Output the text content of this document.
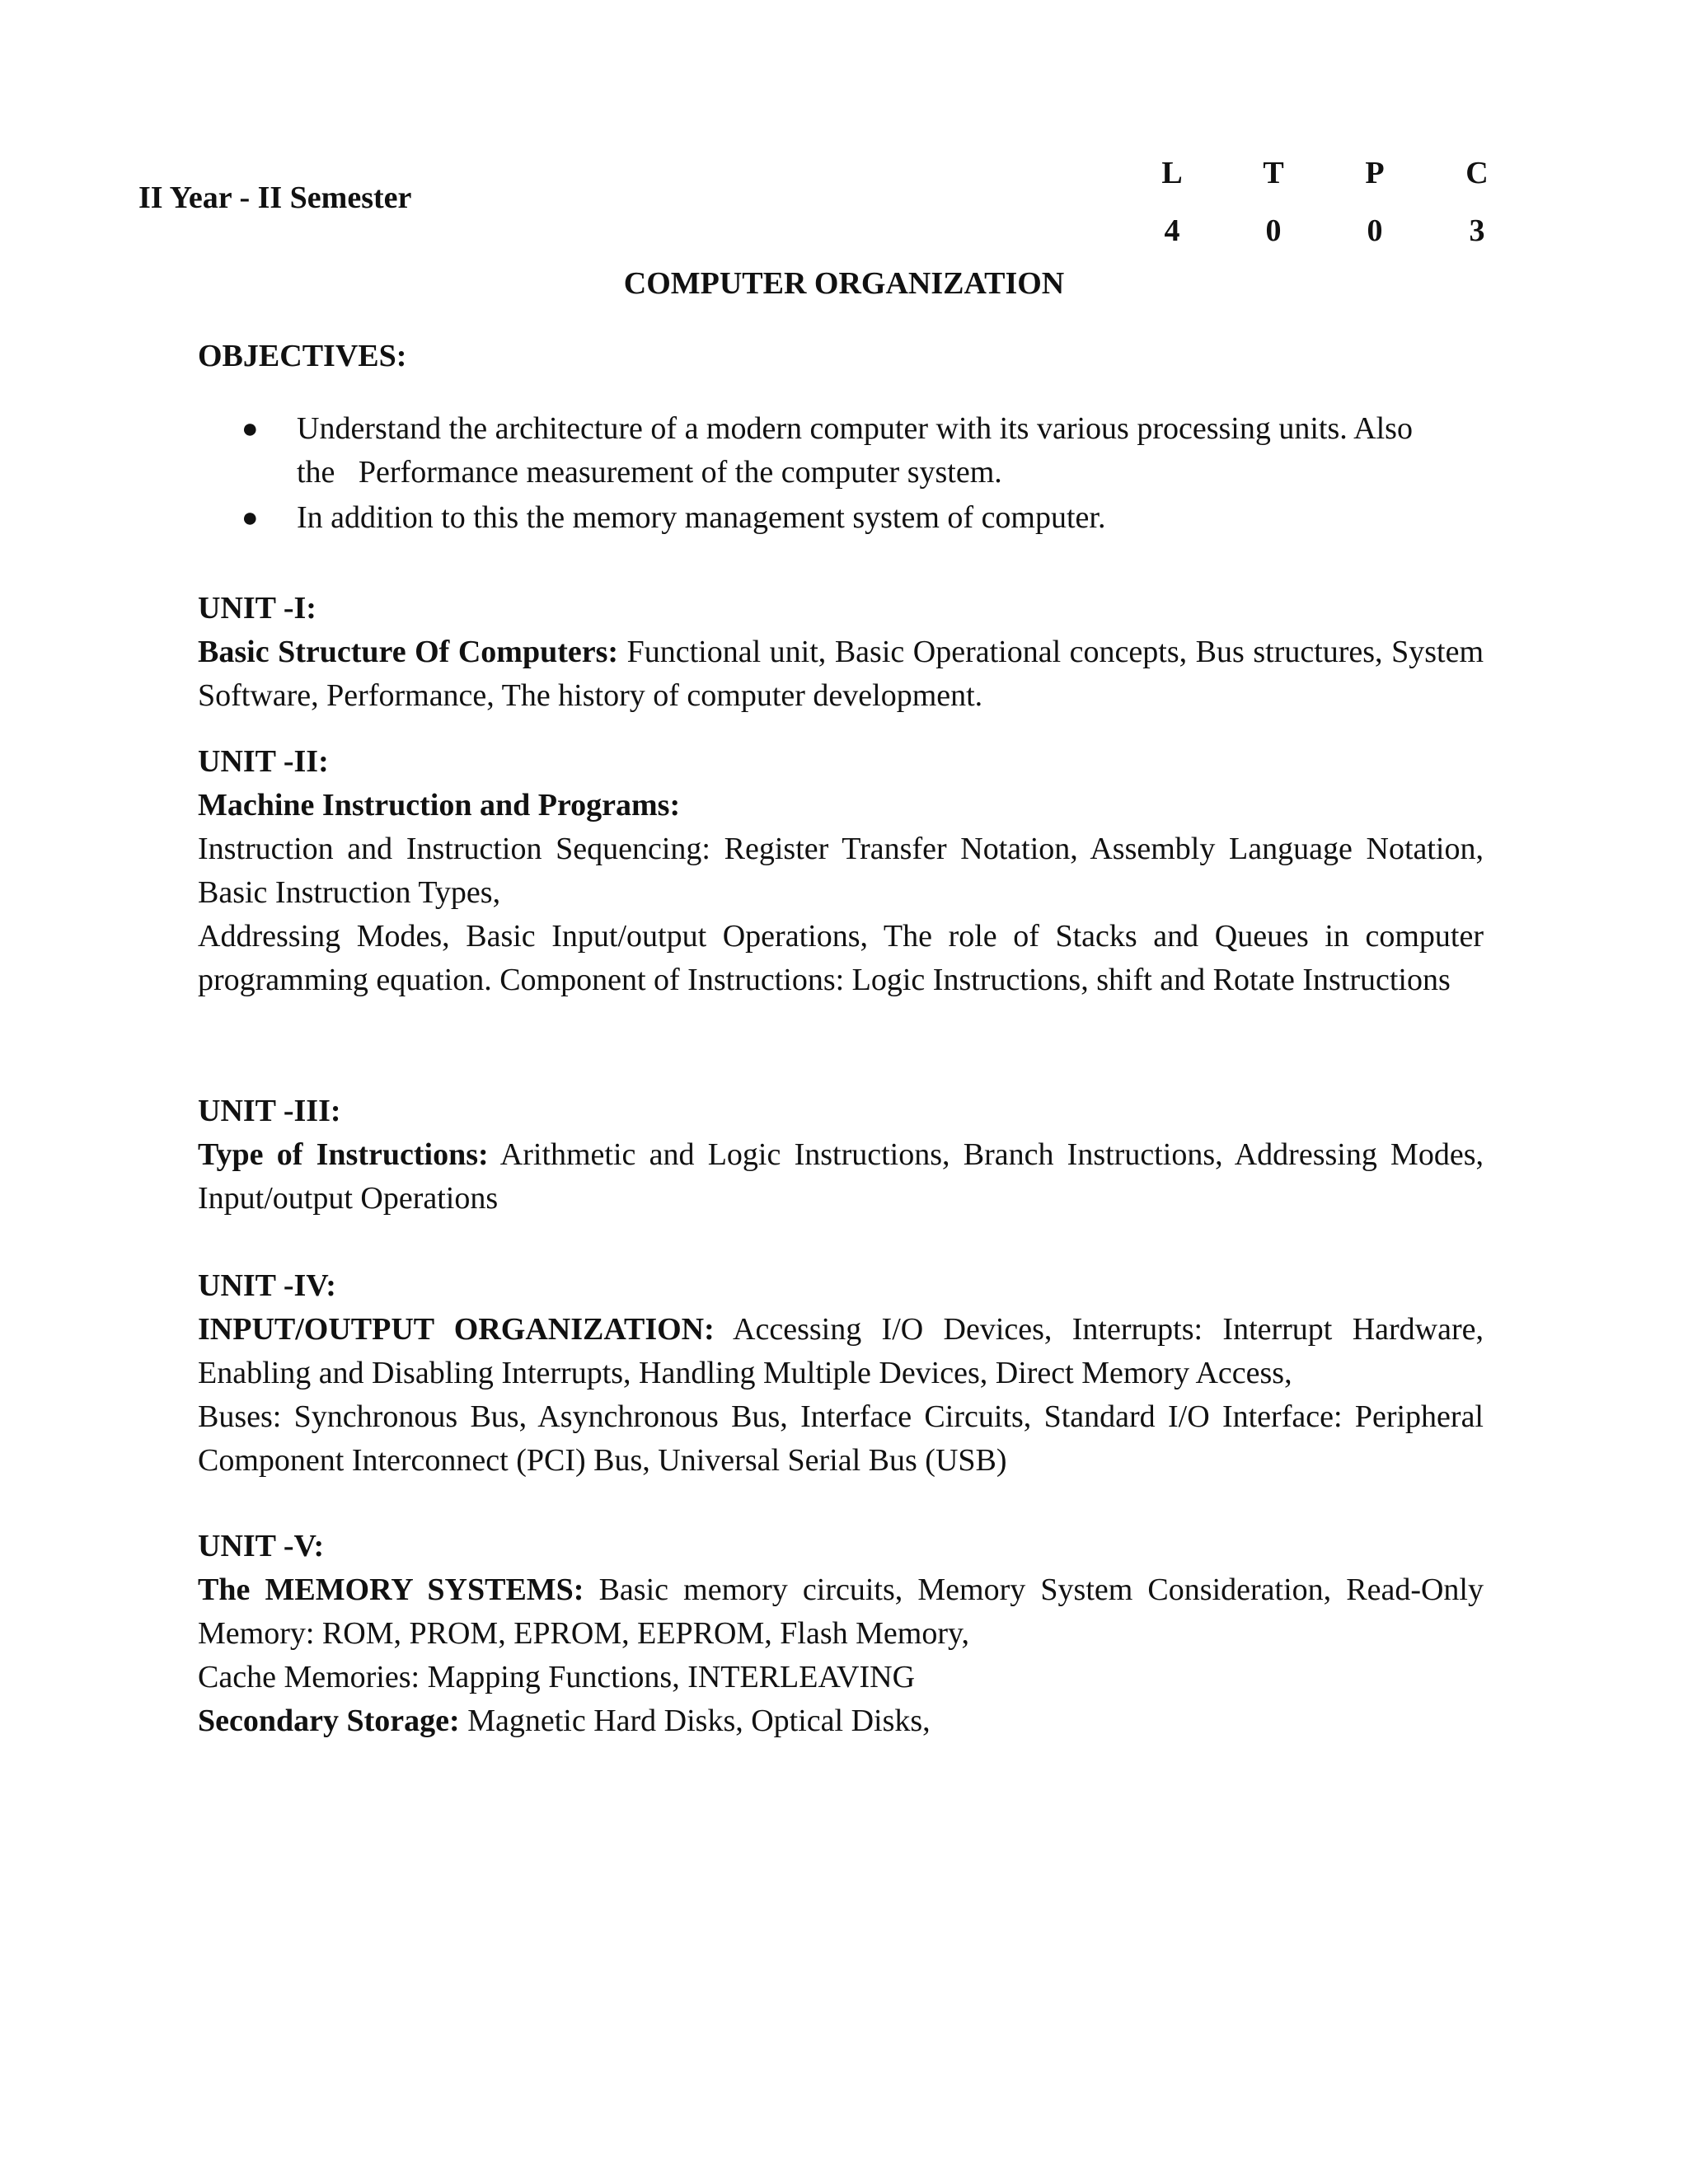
II Year - II Semester
L	T	P	C
4	0	0	3
COMPUTER ORGANIZATION
OBJECTIVES:
● Understand the architecture of a modern computer with its various processing units. Also
the   Performance measurement of the computer system.
● In addition to this the memory management system of computer.
UNIT -I:
Basic Structure Of Computers: Functional unit, Basic Operational concepts, Bus structures, System Software, Performance, The history of computer development.
UNIT -II:
Machine Instruction and Programs:
Instruction and Instruction Sequencing: Register Transfer Notation, Assembly Language Notation, Basic Instruction Types,
Addressing Modes, Basic Input/output Operations, The role of Stacks and Queues in computer programming equation. Component of Instructions: Logic Instructions, shift and Rotate Instructions
UNIT -III:
Type of Instructions: Arithmetic and Logic Instructions, Branch Instructions, Addressing Modes, Input/output Operations
UNIT -IV:
INPUT/OUTPUT ORGANIZATION: Accessing I/O Devices, Interrupts: Interrupt Hardware, Enabling and Disabling Interrupts, Handling Multiple Devices, Direct Memory Access,
Buses: Synchronous Bus, Asynchronous Bus, Interface Circuits, Standard I/O Interface: Peripheral Component Interconnect (PCI) Bus, Universal Serial Bus (USB)
UNIT -V:
The MEMORY SYSTEMS: Basic memory circuits, Memory System Consideration, Read-Only Memory: ROM, PROM, EPROM, EEPROM, Flash Memory,
Cache Memories: Mapping Functions, INTERLEAVING
Secondary Storage: Magnetic Hard Disks, Optical Disks,
